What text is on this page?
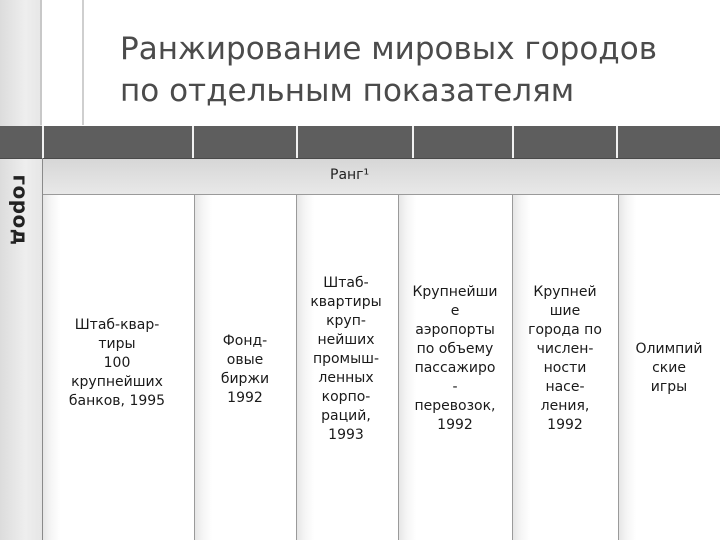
Ранжирование мировых городов
по отдельным показателям
Ранг¹
город
Штаб-квар-
тиры
100
крупнейших
банков, 1995
Фонд-
овые
биржи
1992
Штаб-
квартиры
круп-
нейших
промыш-
ленных
корпо-
раций,
1993
Крупнейши
е
аэропорты
по объему
пассажиро
-
перевозок,
1992
Крупней
шие
города по
числен-
ности
насе-
ления,
1992
Олимпий
ские
игры
